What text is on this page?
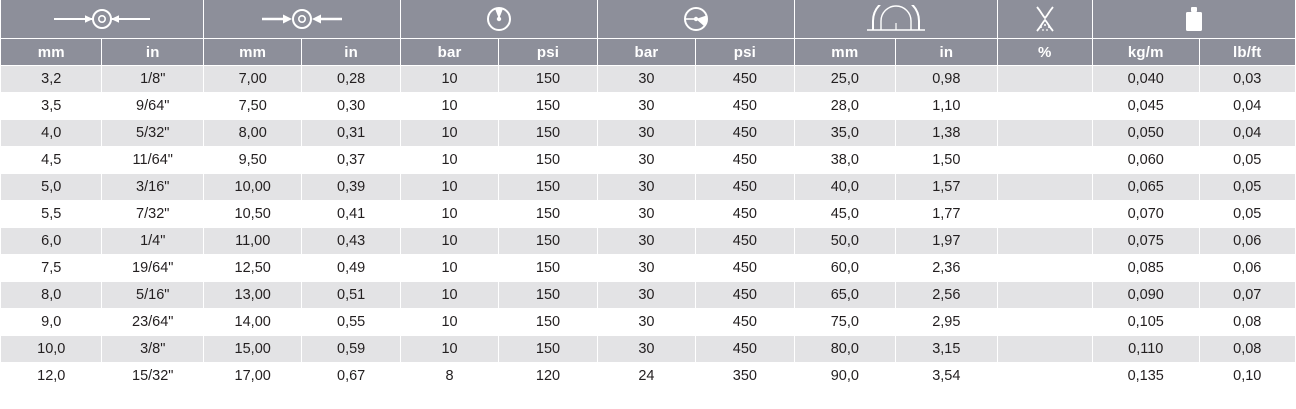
mm	in	mm	in	bar	psi	bar	psi	mm	in	%	kg/m	lb/ft
3,2	1/8"	7,00	0,28	10	150	30	450	25,0	0,98		0,040	0,03
3,5	9/64"	7,50	0,30	10	150	30	450	28,0	1,10		0,045	0,04
4,0	5/32"	8,00	0,31	10	150	30	450	35,0	1,38		0,050	0,04
4,5	11/64"	9,50	0,37	10	150	30	450	38,0	1,50		0,060	0,05
5,0	3/16"	10,00	0,39	10	150	30	450	40,0	1,57		0,065	0,05
5,5	7/32"	10,50	0,41	10	150	30	450	45,0	1,77		0,070	0,05
6,0	1/4"	11,00	0,43	10	150	30	450	50,0	1,97		0,075	0,06
7,5	19/64"	12,50	0,49	10	150	30	450	60,0	2,36		0,085	0,06
8,0	5/16"	13,00	0,51	10	150	30	450	65,0	2,56		0,090	0,07
9,0	23/64"	14,00	0,55	10	150	30	450	75,0	2,95		0,105	0,08
10,0	3/8"	15,00	0,59	10	150	30	450	80,0	3,15		0,110	0,08
12,0	15/32"	17,00	0,67	8	120	24	350	90,0	3,54		0,135	0,10
